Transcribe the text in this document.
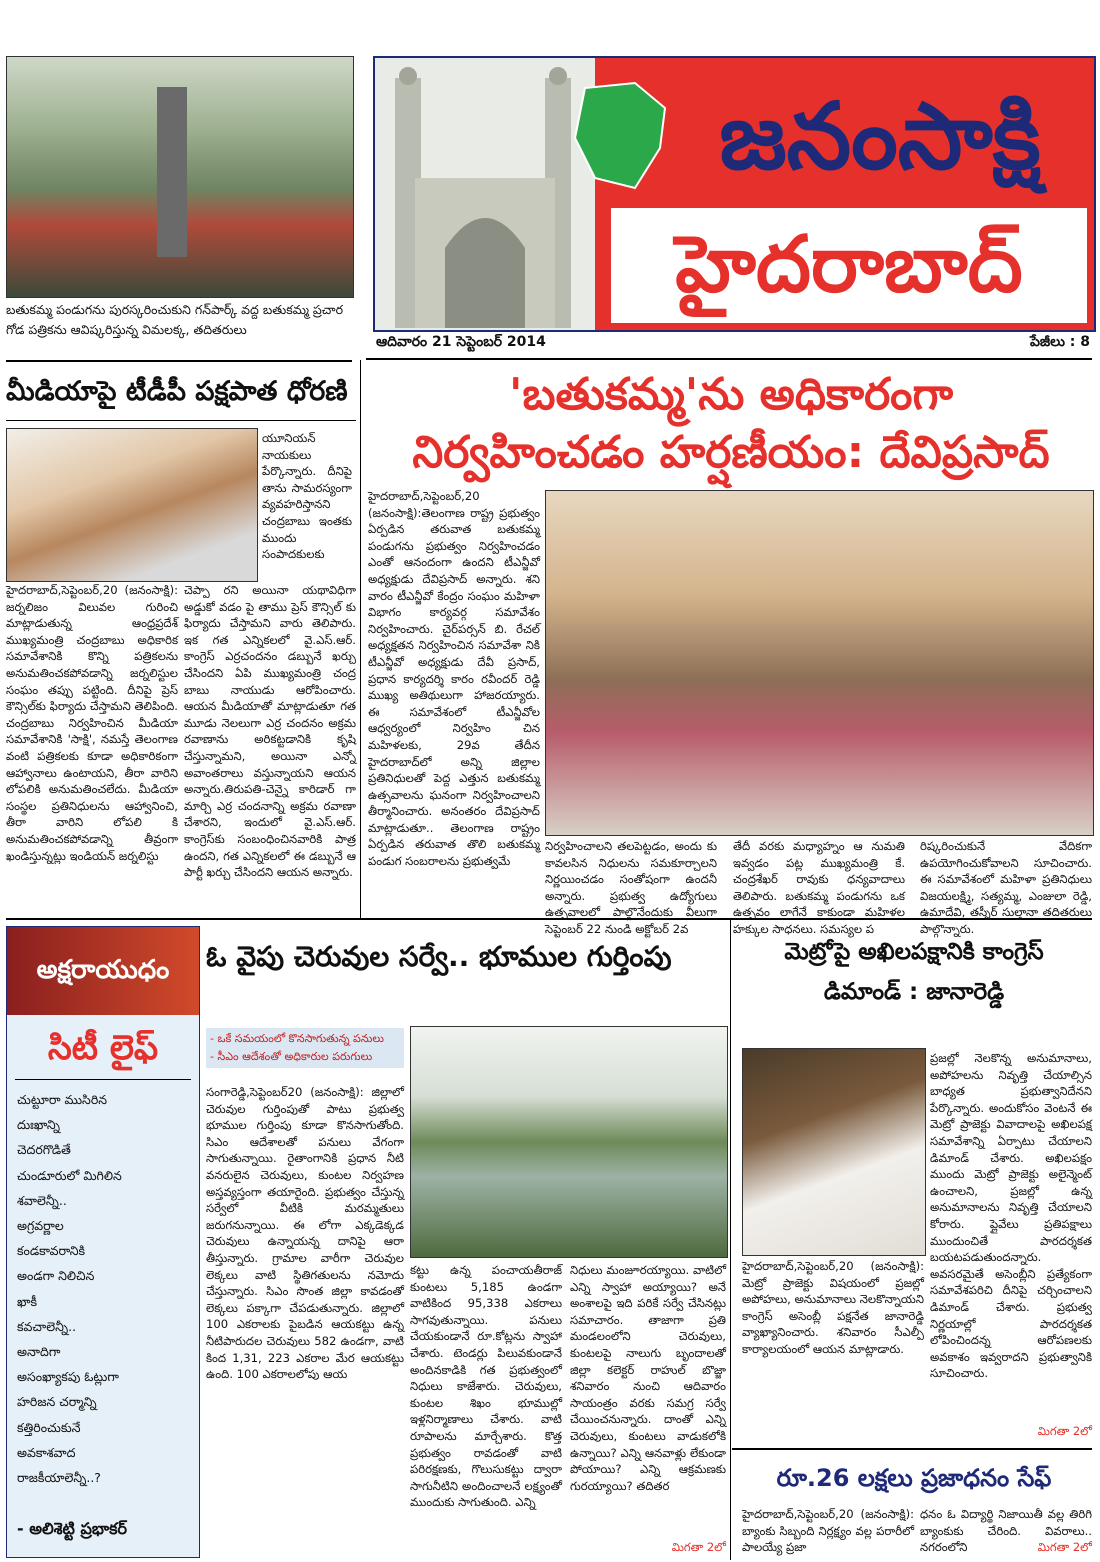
బతుకమ్మ పండుగను పురస్కరించుకుని గన్‌పార్క్ వద్ద బతుకమ్మ ప్రచార గోడ పత్రికను ఆవిష్కరిస్తున్న విమలక్క, తదితరులు
జనంసాక్షి
హైదరాబాద్
ఆదివారం 21 సెప్టెంబర్ 2014	పేజీలు : 8
మీడియాపై టీడీపీ పక్షపాత ధోరణి
యూనియన్ నాయకులు పేర్కొన్నారు. దీనిపై తాను సామరస్యంగా వ్యవహరిస్తానని చంద్రబాబు ఇంతకు ముందు సంపాదకులకు
హైదరాబాద్,సెప్టెంబర్,20 (జనంసాక్షి): జర్నలిజం విలువల గురించి మాట్లాడుతున్న ఆంధ్రప్రదేశ్ ముఖ్యమంత్రి చంద్రబాబు అధికారిక సమావేశానికి కొన్ని పత్రికలను అనుమతించకపోవడాన్ని జర్నలిస్టుల సంఘం తప్పు పట్టింది. దీనిపై ప్రెస్ కౌన్సిల్‌కు ఫిర్యాదు చేస్తామని తెలిపింది. చంద్రబాబు నిర్వహించిన మీడియా సమావేశానికి 'సాక్షి', నమస్తే తెలంగాణ వంటి పత్రికలకు కూడా అధికారికంగా ఆహ్వానాలు ఉంటాయని, తీరా వారిని లోపలికి అనుమతించలేదు. మీడియా సంస్థల ప్రతినిధులను ఆహ్వానించి, తీరా వారిని లోపలి కి అనుమతించకపోవడాన్ని తీవ్రంగా ఖండిస్తున్నట్లు ఇండియన్ జర్నలిస్టు
చెప్పా రని అయినా యథావిధిగా అడ్డుకో వడం పై తాము ప్రెస్ కౌన్సిల్ కు ఫిర్యాదు చేస్తామని వారు తెలిపారు. ఇక గత ఎన్నికలలో వై.ఎస్.ఆర్. కాంగ్రెస్ ఎర్రచందనం డబ్బునే ఖర్చు చేసిందని ఏపి ముఖ్యమంత్రి చంద్ర బాబు నాయుడు ఆరోపించారు. ఆయన మీడియాతో మాట్లాడుతూ గత మూడు నెలలుగా ఎర్ర చందనం అక్రమ రవాణాను అరికట్టడానికి కృషి చేస్తున్నామని, అయినా ఎన్నో అవాంతరాలు వస్తున్నాయని ఆయన అన్నారు.తిరుపతి-చెన్నై కారిడార్ గా మార్చి ఎర్ర చందనాన్ని అక్రమ రవాణా చేశారని, ఇందులో వై.ఎస్.ఆర్. కాంగ్రెస్‌కు సంబంధించినవారికి పాత్ర ఉందని, గత ఎన్నికలలో ఈ డబ్బునే ఆ పార్టీ ఖర్చు చేసిందని ఆయన అన్నారు.
'బతుకమ్మ'ను అధికారంగా
నిర్వహించడం హర్షణీయం: దేవిప్రసాద్
హైదరాబాద్,సెప్టెంబర్,20 (జనంసాక్షి):తెలంగాణ రాష్ట్ర ప్రభుత్వం ఏర్పడిన తరువాత బతుకమ్మ పండుగను ప్రభుత్వం నిర్వహించడం ఎంతో ఆనందంగా ఉందని టీఎన్జీవో అధ్యక్షుడు దేవిప్రసాద్ అన్నారు. శని వారం టీఎన్జీవో కేంద్రం సంఘం మహిళా విభాగం కార్యవర్గ సమావేశం నిర్వహించారు. చైర్‌పర్సన్ బి. రేచల్ అధ్యక్షతన నిర్వహించిన సమావేశా నికి టీఎన్జీవో అధ్యక్షుడు దేవీ ప్రసాద్, ప్రధాన కార్యదర్శి కారం రవీందర్ రెడ్డి ముఖ్య అతిథులుగా హాజరయ్యారు. ఈ సమావేశంలో టీఎన్జీవోల ఆధ్వర్యంలో నిర్వహిం చిన మహిళలకు, 29వ తేదీన హైదరాబాద్‌లో అన్ని జిల్లాల ప్రతినిధులతో పెద్ద ఎత్తున బతుకమ్మ ఉత్సవాలను ఘనంగా నిర్వహించాలని తీర్మానించారు. అనంతరం దేవిప్రసాద్ మాట్లాడుతూ.. తెలంగాణ రాష్ట్రం ఏర్పడిన తరువాత తొలి బతుకమ్మ పండుగ సంబరాలను ప్రభుత్వమే
నిర్వహించాలని తలపెట్టడం, అందు కు కావలసిన నిధులను సమకూర్చాలని నిర్ణయించడం సంతోషంగా ఉందనీ అన్నారు. ప్రభుత్వ ఉద్యోగులు ఉత్సవాలలో పాల్గొనేందుకు వీలుగా సెప్టెంబర్ 22 నుండి అక్టోబర్ 2వ
తేదీ వరకు మధ్యాహ్నం ఆ నుమతి ఇవ్వడం పట్ల ముఖ్యమంత్రి కే. చంద్రశేఖర్ రావుకు ధన్యవాదాలు తెలిపారు. బతుకమ్మ పండుగను ఒక ఉత్సవం లాగేనే కాకుండా మహిళల హక్కుల సాధనలు. సమస్యల ప
రిష్కరించుకునే వేదికగా ఉపయోగించుకోవాలని సూచించారు. ఈ సమావేశంలో మహిళా ప్రతినిధులు విజయలక్ష్మి, సత్యమ్మ, ఎంజులా రెడ్డి, ఉమాదేవి, తస్నీర్ సుల్తానా తదితరులు పాల్గొన్నారు.
అక్షరాయుధం
సిటీ లైఫ్
చుట్టూరా ముసిరిన
దుఃఖాన్ని
చెదరగొడితే
చుండూరులో మిగిలిన
శవాలెన్నీ..
అగ్రవర్ణాల
కండకావరానికి
అండగా నిలిచిన
ఖాకీ
కవచాలెన్నీ..
అనాదిగా
అసంఖ్యాకపు ఓట్లుగా
హరిజన చర్మాన్ని
కత్తిరించుకునే
అవకాశవాద
రాజకీయాలెన్నీ..?
- అలిశెట్టి ప్రభాకర్
ఓ వైపు చెరువుల సర్వే.. భూముల గుర్తింపు
- ఒకే సమయంలో కొనసాగుతున్న పనులు
- సీఎం ఆదేశంతో అధికారుల పరుగులు
సంగారెడ్డి,సెప్టెంబర్20 (జనంసాక్షి): జిల్లాలో చెరువుల గుర్తింపుతో పాటు ప్రభుత్వ భూముల గుర్తింపు కూడా కొనసాగుతోంది. సిఎం ఆదేశాలతో పనులు వేగంగా సాగుతున్నాయి. రైతాంగానికి ప్రధాన నీటి వనరులైన చెరువులు, కుంటల నిర్వహణ అస్తవ్యస్తంగా తయారైంది. ప్రభుత్వం చేస్తున్న సర్వేలో వీటికి మరమ్మతులు జరుగనున్నాయి. ఈ లోగా ఎక్కడెక్కడ చెరువులు ఉన్నాయన్న దానిపై ఆరా తీస్తున్నారు. గ్రామాల వారీగా చెరువుల లెక్కలు వాటి స్థితిగతులను నమోదు చేస్తున్నారు. సిఎం సొంత జిల్లా కావడంతో లెక్కలు పక్కాగా చేపడుతున్నారు. జిల్లాలో 100 ఎకరాలకు పైబడిన ఆయకట్టు ఉన్న నీటిపారుదల చెరువులు 582 ఉండగా, వాటి కింద 1,31, 223 ఎకరాల మేర ఆయకట్టు ఉంది. 100 ఎకరాలలోపు ఆయ
కట్టు ఉన్న పంచాయతీరాజ్ కుంటలు 5,185 ఉండగా వాటికింద 95,338 ఎకరాలు సాగవుతున్నాయి. పనులు చేయకుండానే రూ.కోట్లను స్వాహా చేశారు. టెండర్లు పిలువకుండానే అందినకాడికి గత ప్రభుత్వంలో నిధులు కాజేశారు. చెరువులు, కుంటల శిఖం భూముల్లో ఇళ్లనిర్మాణాలు చేశారు. వాటి రూపాలను మార్చేశారు. కొత్త ప్రభుత్వం రావడంతో వాటి పరిరక్షణకు, గొలుసుకట్టు ద్వారా సాగునీటిని అందించాలనే లక్ష్యంతో ముందుకు సాగుతుంది. ఎన్ని
నిధులు మంజూరయ్యాయి. వాటిలో ఎన్ని స్వాహా అయ్యాయి? అనే అంశాలపై ఇది పరికే సర్వే చేసినట్లు సమాచారం. తాజాగా ప్రతి మండలంలోని చెరువులు, కుంటలపై నాలుగు బృందాలతో జిల్లా కలెక్టర్ రాహుల్ బొజ్జా శనివారం నుంచి ఆదివారం సాయంత్రం వరకు సమగ్ర సర్వే చేయించనున్నారు. దాంతో ఎన్ని చెరువులు, కుంటలు వాడుకలోకి ఉన్నాయి? ఎన్ని ఆనవాళ్లు లేకుండా పోయాయి? ఎన్ని ఆక్రమణకు గురయ్యాయి? తదితర
మిగతా 2లో
మెట్రోపై అఖిలపక్షానికి కాంగ్రెస్
డిమాండ్ : జానారెడ్డి
ప్రజల్లో నెలకొన్న అనుమానాలు, అపోహలను నివృత్తి చేయాల్సిన బాధ్యత ప్రభుత్వానిదేనని పేర్కొన్నారు. అందుకోసం వెంటనే ఈ మెట్రో ప్రాజెక్టు వివాదాలపై అఖిలపక్ష సమావేశాన్ని ఏర్పాటు చేయాలని డిమాండ్ చేశారు. అఖిలపక్షం ముందు మెట్రో ప్రాజెక్టు అలైన్మెంట్ ఉంచాలని, ప్రజల్లో ఉన్న అనుమానాలను నివృత్తి చేయాలని కోరారు. ప్లైవేలు ప్రతిపక్షాలు ముందుంచితే పారదర్శకత బయటపడుతుందన్నారు. అవసరమైతే అసెంబ్లీని ప్రత్యేకంగా సమావేశపరిచి దీనిపై చర్చించాలని డిమాండ్ చేశారు. ప్రభుత్వ నిర్ణయాల్లో పారదర్శకత లోపించిందన్న ఆరోపణలకు అవకాశం ఇవ్వరాదని ప్రభుత్వానికి సూచించారు.
హైదరాబాద్,సెప్టెంబర్,20 (జనంసాక్షి): మెట్రో ప్రాజెక్టు విషయంలో ప్రజల్లో అపోహలు, అనుమానాలు నెలకొన్నాయని కాంగ్రెస్ అసెంబ్లీ పక్షనేత జానారెడ్డి వ్యాఖ్యానించారు. శనివారం సీఎల్పీ కార్యాలయంలో ఆయన మాట్లాడారు.
మిగతా 2లో
రూ.26 లక్షలు ప్రజాధనం సేఫ్
హైదరాబాద్,సెప్టెంబర్,20 (జనంసాక్షి): బ్యాంకు సిబ్బంది నిర్లక్ష్యం వల్ల పరారీలో పాలయ్యే ప్రజా
ధనం ఓ విద్యార్థి నిజాయితీ వల్ల తిరిగి బ్యాంకుకు చేరింది. వివరాలు.. నగరంలోని	మిగతా 2లో
